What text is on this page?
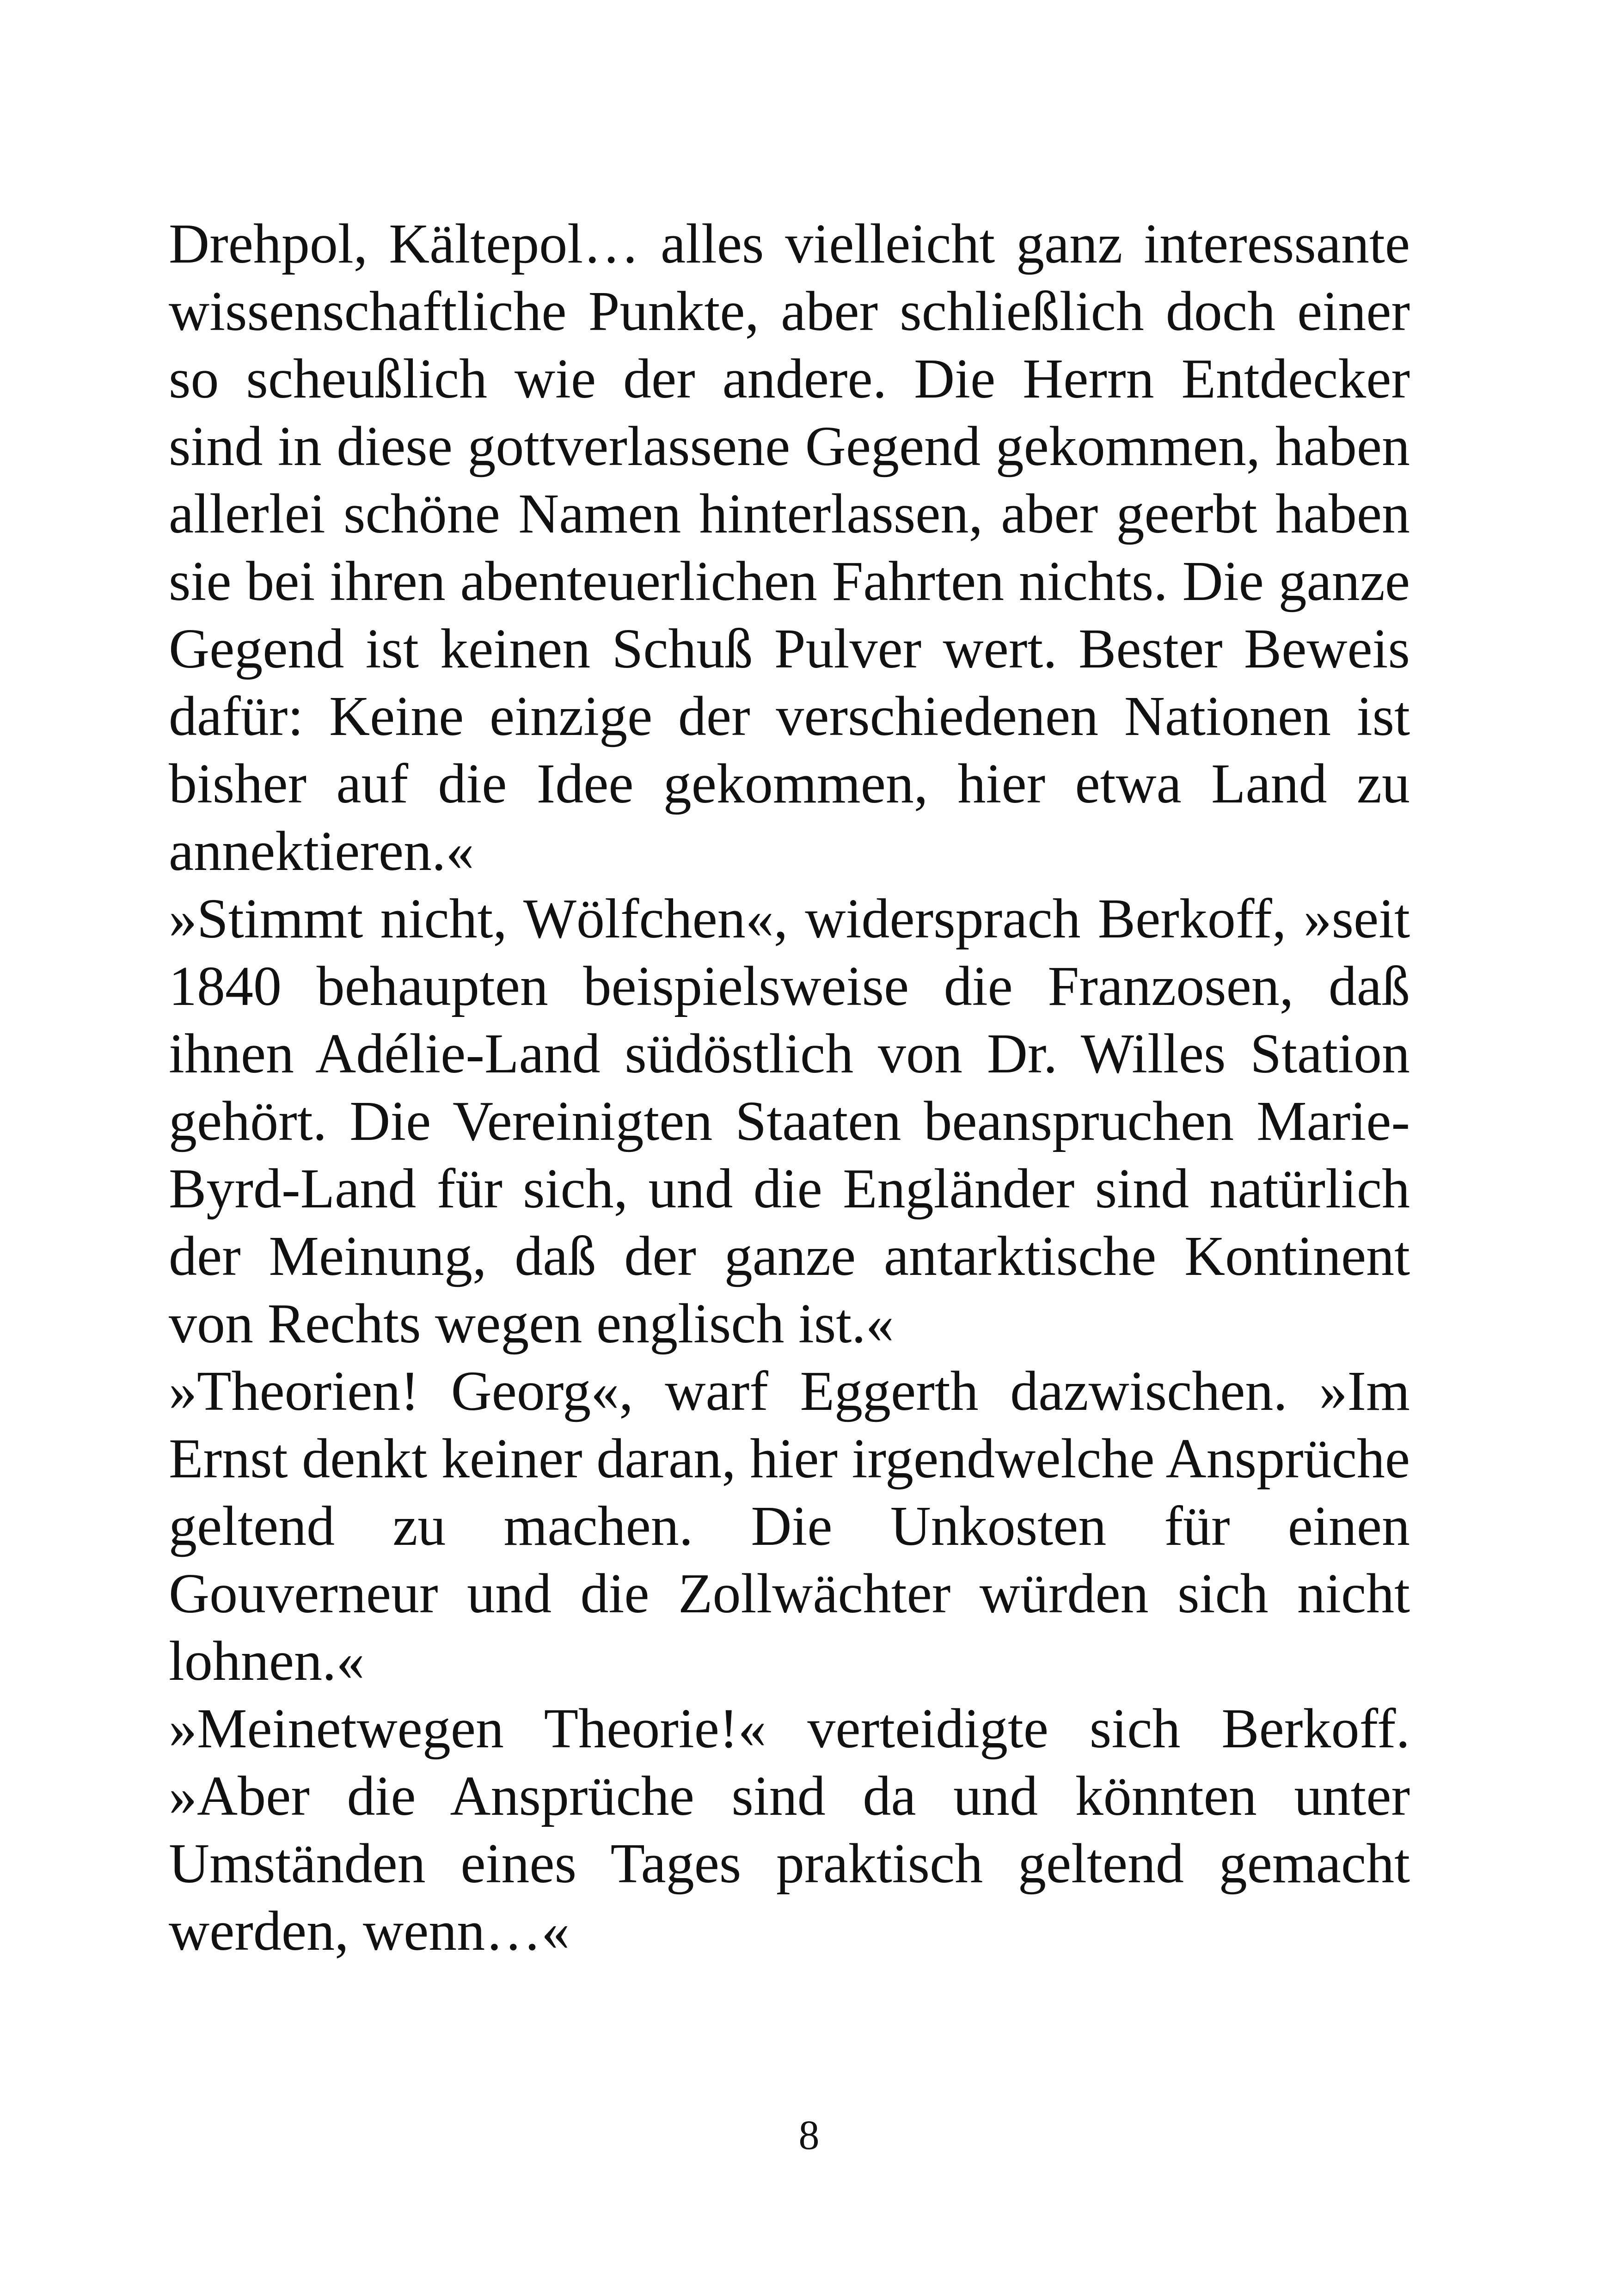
Drehpol, Kältepol… alles vielleicht ganz interessante wissenschaftliche Punkte, aber schließlich doch einer so scheußlich wie der andere. Die Herrn Entdecker sind in diese gottverlassene Gegend gekommen, haben allerlei schöne Namen hinterlassen, aber geerbt haben sie bei ihren abenteuerlichen Fahrten nichts. Die ganze Gegend ist keinen Schuß Pulver wert. Bester Beweis dafür: Keine einzige der verschiedenen Nationen ist bisher auf die Idee gekommen, hier etwa Land zu annektieren.«

»Stimmt nicht, Wölfchen«, widersprach Berkoff, »seit 1840 behaupten beispielsweise die Franzosen, daß ihnen Adélie-Land südöstlich von Dr. Willes Station gehört. Die Vereinigten Staaten beanspruchen Marie-Byrd-Land für sich, und die Engländer sind natürlich der Meinung, daß der ganze antarktische Kontinent von Rechts wegen englisch ist.«

»Theorien! Georg«, warf Eggerth dazwischen. »Im Ernst denkt keiner daran, hier irgendwelche Ansprüche geltend zu machen. Die Unkosten für einen Gouverneur und die Zollwächter würden sich nicht lohnen.«

»Meinetwegen Theorie!« verteidigte sich Berkoff. »Aber die Ansprüche sind da und könnten unter Umständen eines Tages praktisch geltend gemacht werden, wenn…«

8
